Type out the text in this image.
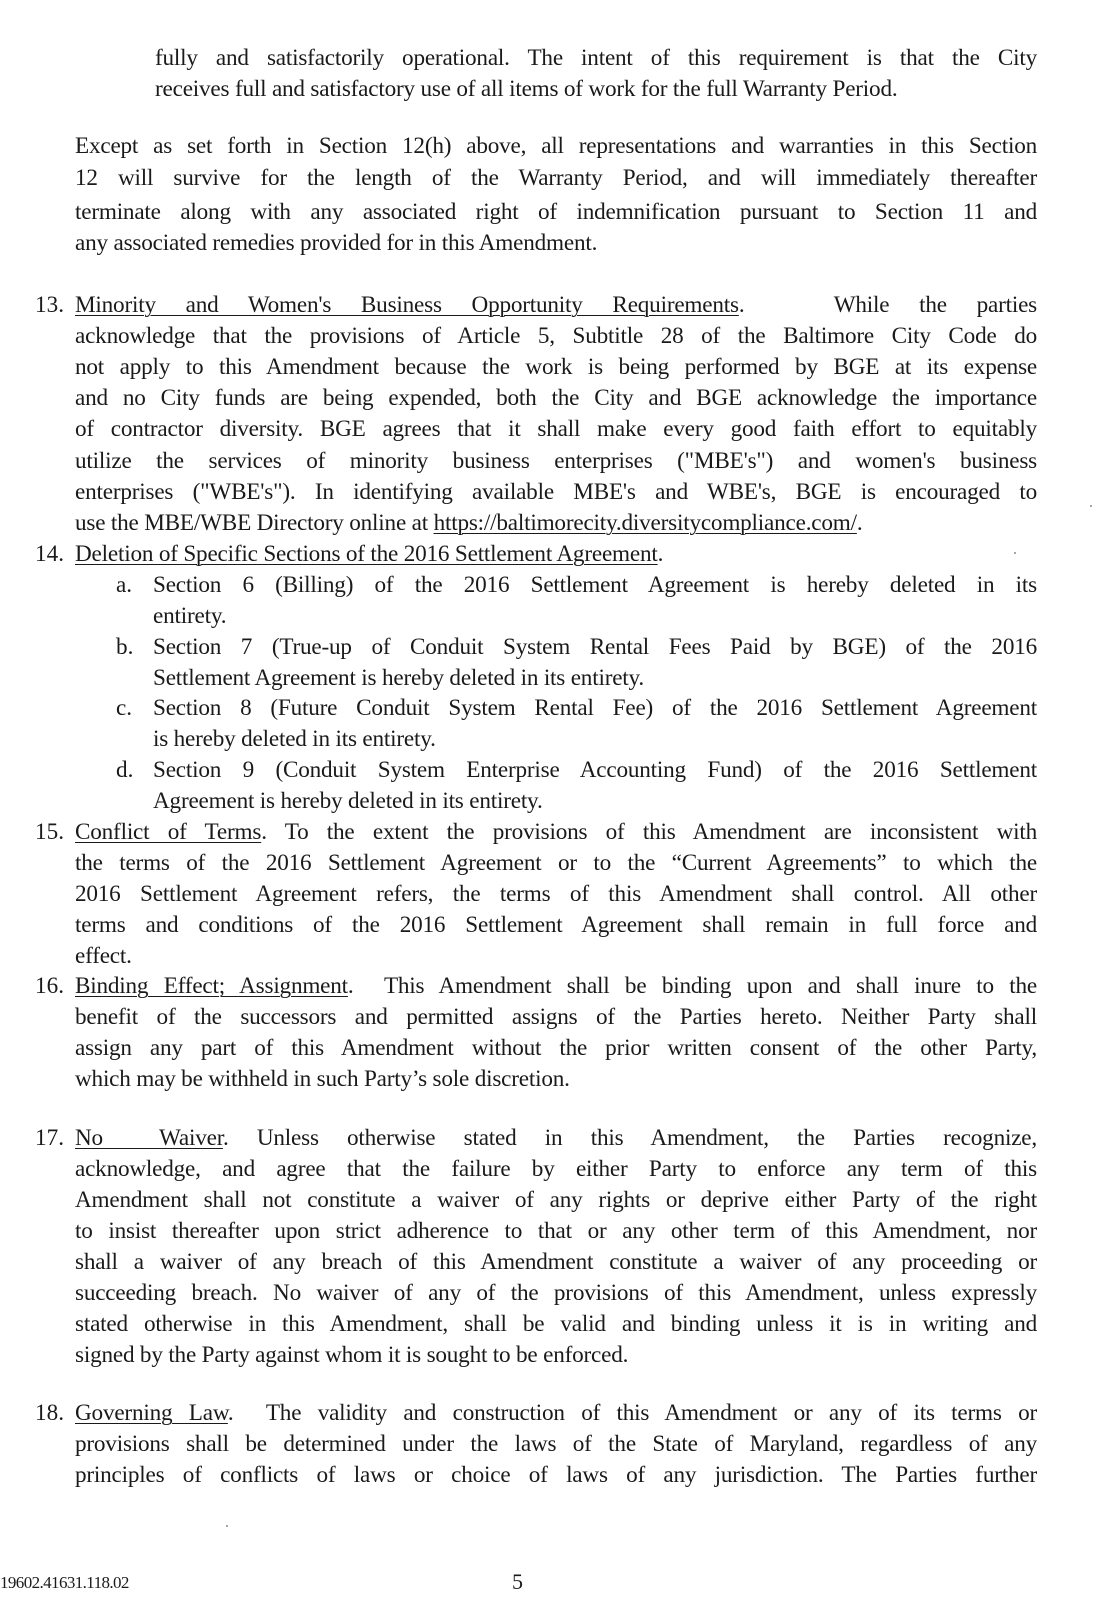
fully and satisfactorily operational. The intent of this requirement is that the City
receives full and satisfactory use of all items of work for the full Warranty Period.
Except as set forth in Section 12(h) above, all representations and warranties in this Section
12 will survive for the length of the Warranty Period, and will immediately thereafter
terminate along with any associated right of indemnification pursuant to Section 11 and
any associated remedies provided for in this Amendment.
13. Minority and Women's Business Opportunity Requirements.	While the parties
acknowledge that the provisions of Article 5, Subtitle 28 of the Baltimore City Code do
not apply to this Amendment because the work is being performed by BGE at its expense
and no City funds are being expended, both the City and BGE acknowledge the importance
of contractor diversity. BGE agrees that it shall make every good faith effort to equitably
utilize the services of minority business enterprises ("MBE's") and women's business
enterprises ("WBE's"). In identifying available MBE's and WBE's, BGE is encouraged to
use the MBE/WBE Directory online at https://baltimorecity.diversitycompliance.com/.
14. Deletion of Specific Sections of the 2016 Settlement Agreement.
a. Section 6 (Billing) of the 2016 Settlement Agreement is hereby deleted in its
entirety.
b. Section 7 (True-up of Conduit System Rental Fees Paid by BGE) of the 2016
Settlement Agreement is hereby deleted in its entirety.
c. Section 8 (Future Conduit System Rental Fee) of the 2016 Settlement Agreement
is hereby deleted in its entirety.
d. Section 9 (Conduit System Enterprise Accounting Fund) of the 2016 Settlement
Agreement is hereby deleted in its entirety.
15. Conflict of Terms. To the extent the provisions of this Amendment are inconsistent with
the terms of the 2016 Settlement Agreement or to the “Current Agreements” to which the
2016 Settlement Agreement refers, the terms of this Amendment shall control. All other
terms and conditions of the 2016 Settlement Agreement shall remain in full force and
effect.
16. Binding Effect; Assignment. This Amendment shall be binding upon and shall inure to the
benefit of the successors and permitted assigns of the Parties hereto. Neither Party shall
assign any part of this Amendment without the prior written consent of the other Party,
which may be withheld in such Party’s sole discretion.
17. No  Waiver. Unless otherwise stated in this Amendment, the Parties recognize,
acknowledge, and agree that the failure by either Party to enforce any term of this
Amendment shall not constitute a waiver of any rights or deprive either Party of the right
to insist thereafter upon strict adherence to that or any other term of this Amendment, nor
shall a waiver of any breach of this Amendment constitute a waiver of any proceeding or
succeeding breach. No waiver of any of the provisions of this Amendment, unless expressly
stated otherwise in this Amendment, shall be valid and binding unless it is in writing and
signed by the Party against whom it is sought to be enforced.
18. Governing Law. The validity and construction of this Amendment or any of its terms or
provisions shall be determined under the laws of the State of Maryland, regardless of any
principles of conflicts of laws or choice of laws of any jurisdiction. The Parties further
19602.41631.118.02	5
